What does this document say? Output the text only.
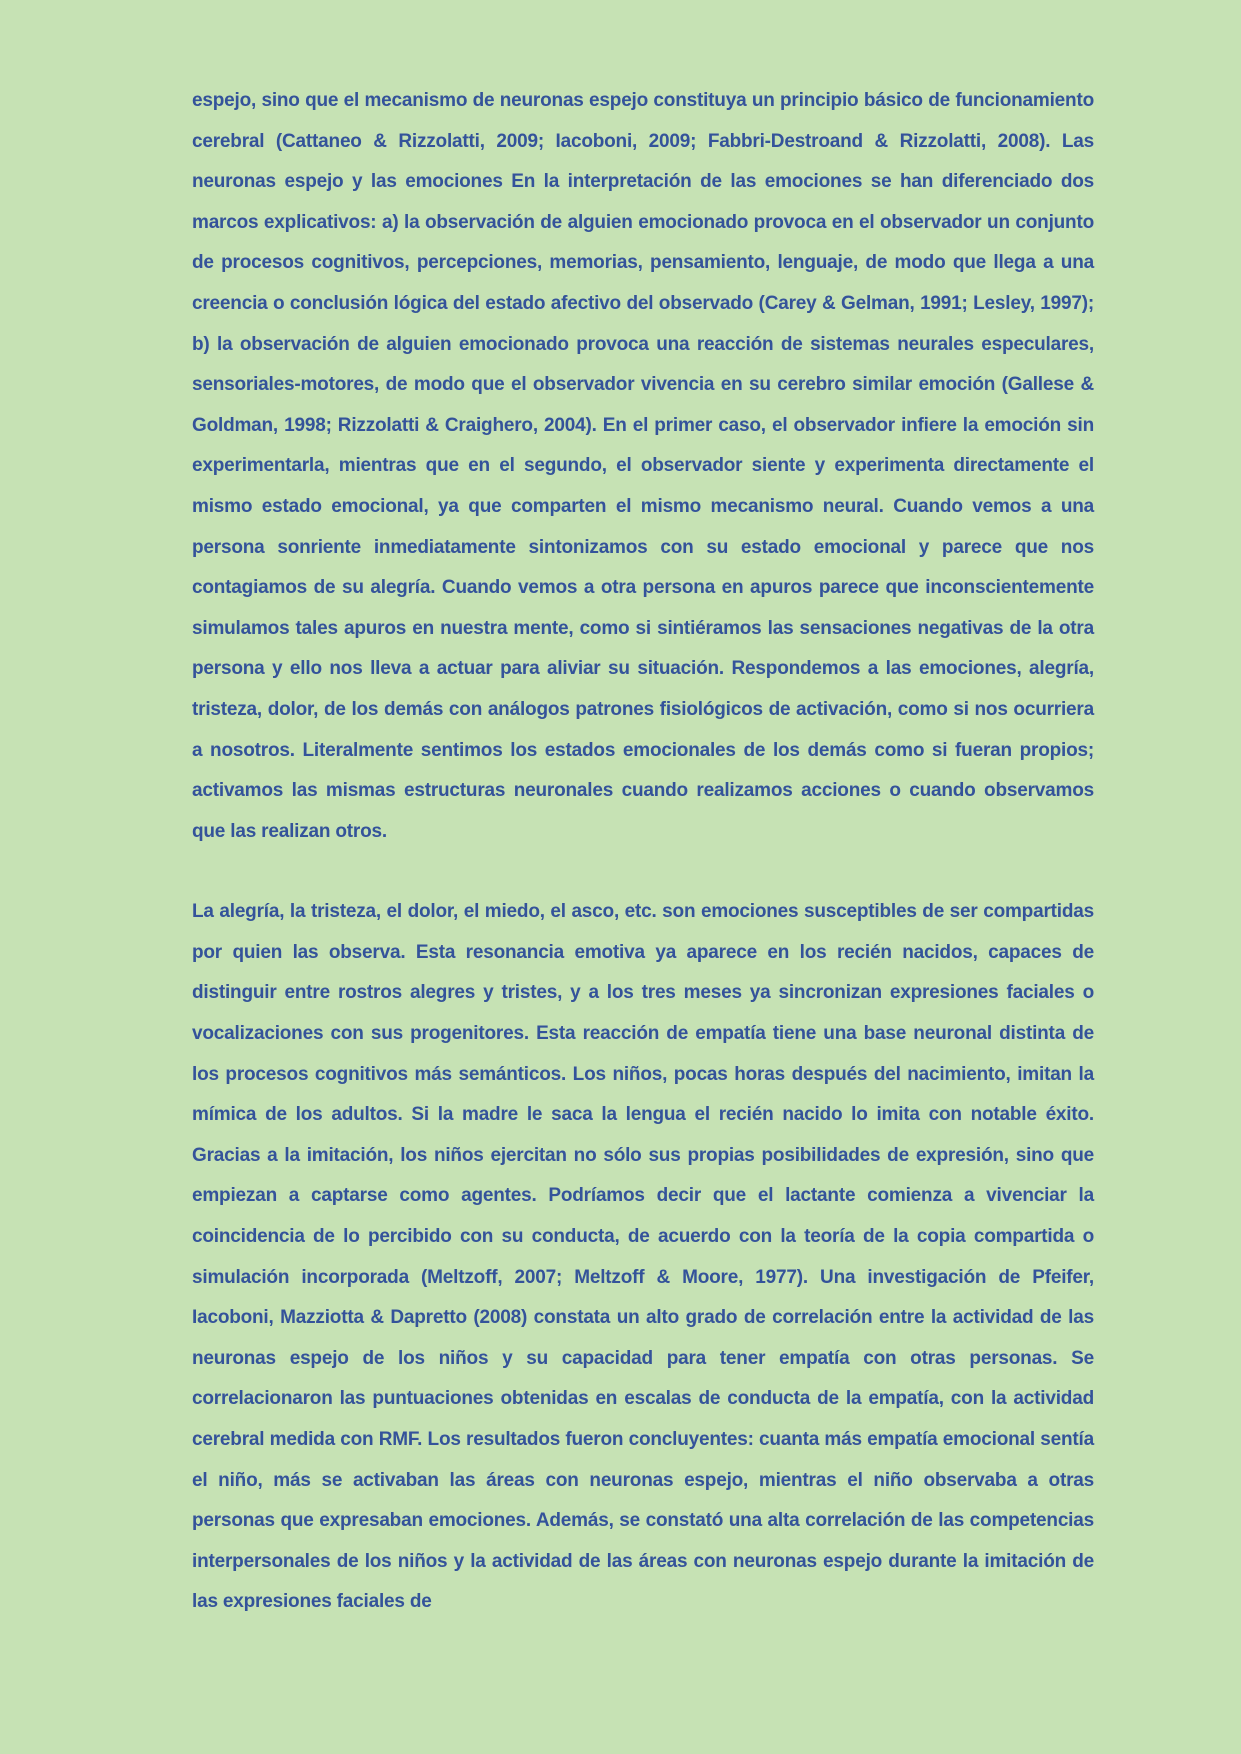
espejo, sino que el mecanismo de neuronas espejo constituya un principio básico de funcionamiento cerebral (Cattaneo & Rizzolatti, 2009; Iacoboni, 2009; Fabbri-Destroand & Rizzolatti, 2008). Las neuronas espejo y las emociones En la interpretación de las emociones se han diferenciado dos marcos explicativos: a) la observación de alguien emocionado provoca en el observador un conjunto de procesos cognitivos, percepciones, memorias, pensamiento, lenguaje, de modo que llega a una creencia o conclusión lógica del estado afectivo del observado (Carey & Gelman, 1991; Lesley, 1997); b) la observación de alguien emocionado provoca una reacción de sistemas neurales especulares, sensoriales-motores, de modo que el observador vivencia en su cerebro similar emoción (Gallese & Goldman, 1998; Rizzolatti & Craighero, 2004). En el primer caso, el observador infiere la emoción sin experimentarla, mientras que en el segundo, el observador siente y experimenta directamente el mismo estado emocional, ya que comparten el mismo mecanismo neural. Cuando vemos a una persona sonriente inmediatamente sintonizamos con su estado emocional y parece que nos contagiamos de su alegría. Cuando vemos a otra persona en apuros parece que inconscientemente simulamos tales apuros en nuestra mente, como si sintiéramos las sensaciones negativas de la otra persona y ello nos lleva a actuar para aliviar su situación. Respondemos a las emociones, alegría, tristeza, dolor, de los demás con análogos patrones fisiológicos de activación, como si nos ocurriera a nosotros. Literalmente sentimos los estados emocionales de los demás como si fueran propios; activamos las mismas estructuras neuronales cuando realizamos acciones o cuando observamos que las realizan otros.

La alegría, la tristeza, el dolor, el miedo, el asco, etc. son emociones susceptibles de ser compartidas por quien las observa. Esta resonancia emotiva ya aparece en los recién nacidos, capaces de distinguir entre rostros alegres y tristes, y a los tres meses ya sincronizan expresiones faciales o vocalizaciones con sus progenitores. Esta reacción de empatía tiene una base neuronal distinta de los procesos cognitivos más semánticos. Los niños, pocas horas después del nacimiento, imitan la mímica de los adultos. Si la madre le saca la lengua el recién nacido lo imita con notable éxito. Gracias a la imitación, los niños ejercitan no sólo sus propias posibilidades de expresión, sino que empiezan a captarse como agentes. Podríamos decir que el lactante comienza a vivenciar la coincidencia de lo percibido con su conducta, de acuerdo con la teoría de la copia compartida o simulación incorporada (Meltzoff, 2007; Meltzoff & Moore, 1977). Una investigación de Pfeifer, Iacoboni, Mazziotta & Dapretto (2008) constata un alto grado de correlación entre la actividad de las neuronas espejo de los niños y su capacidad para tener empatía con otras personas. Se correlacionaron las puntuaciones obtenidas en escalas de conducta de la empatía, con la actividad cerebral medida con RMF. Los resultados fueron concluyentes: cuanta más empatía emocional sentía el niño, más se activaban las áreas con neuronas espejo, mientras el niño observaba a otras personas que expresaban emociones. Además, se constató una alta correlación de las competencias interpersonales de los niños y la actividad de las áreas con neuronas espejo durante la imitación de las expresiones faciales de
